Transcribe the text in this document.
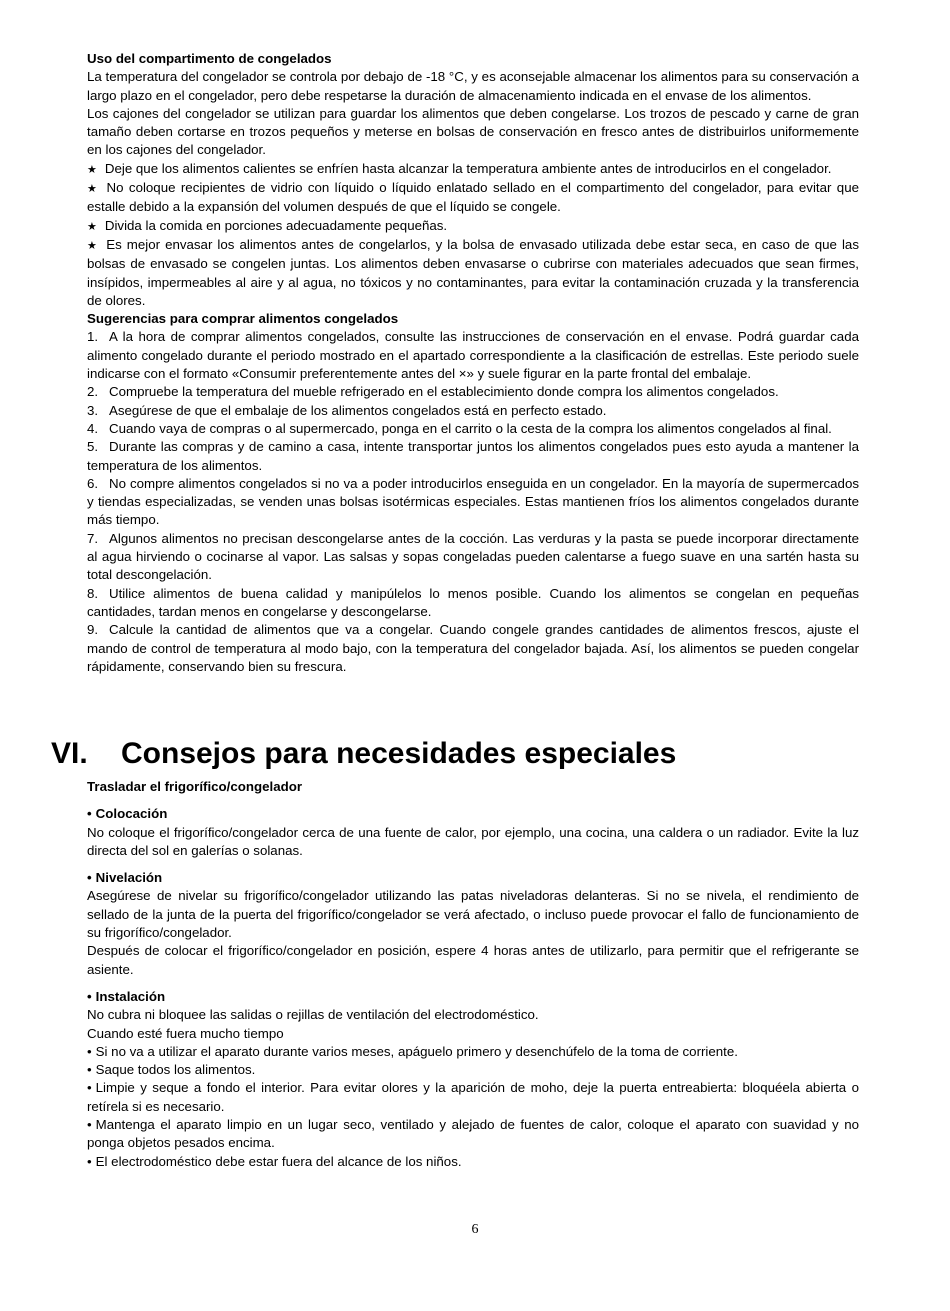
Uso del compartimento de congelados

La temperatura del congelador se controla por debajo de -18 °C, y es aconsejable almacenar los alimentos para su conservación a largo plazo en el congelador, pero debe respetarse la duración de almacenamiento indicada en el envase de los alimentos.

Los cajones del congelador se utilizan para guardar los alimentos que deben congelarse. Los trozos de pescado y carne de gran tamaño deben cortarse en trozos pequeños y meterse en bolsas de conservación en fresco antes de distribuirlos uniformemente en los cajones del congelador.

★ Deje que los alimentos calientes se enfríen hasta alcanzar la temperatura ambiente antes de introducirlos en el congelador.

★ No coloque recipientes de vidrio con líquido o líquido enlatado sellado en el compartimento del congelador, para evitar que estalle debido a la expansión del volumen después de que el líquido se congele.

★ Divida la comida en porciones adecuadamente pequeñas.

★ Es mejor envasar los alimentos antes de congelarlos, y la bolsa de envasado utilizada debe estar seca, en caso de que las bolsas de envasado se congelen juntas. Los alimentos deben envasarse o cubrirse con materiales adecuados que sean firmes, insípidos, impermeables al aire y al agua, no tóxicos y no contaminantes, para evitar la contaminación cruzada y la transferencia de olores.

Sugerencias para comprar alimentos congelados

1. A la hora de comprar alimentos congelados, consulte las instrucciones de conservación en el envase. Podrá guardar cada alimento congelado durante el periodo mostrado en el apartado correspondiente a la clasificación de estrellas. Este periodo suele indicarse con el formato «Consumir preferentemente antes del ×» y suele figurar en la parte frontal del embalaje.

2. Compruebe la temperatura del mueble refrigerado en el establecimiento donde compra los alimentos congelados.

3. Asegúrese de que el embalaje de los alimentos congelados está en perfecto estado.

4. Cuando vaya de compras o al supermercado, ponga en el carrito o la cesta de la compra los alimentos congelados al final.

5. Durante las compras y de camino a casa, intente transportar juntos los alimentos congelados pues esto ayuda a mantener la temperatura de los alimentos.

6. No compre alimentos congelados si no va a poder introducirlos enseguida en un congelador. En la mayoría de supermercados y tiendas especializadas, se venden unas bolsas isotérmicas especiales. Estas mantienen fríos los alimentos congelados durante más tiempo.

7. Algunos alimentos no precisan descongelarse antes de la cocción. Las verduras y la pasta se puede incorporar directamente al agua hirviendo o cocinarse al vapor. Las salsas y sopas congeladas pueden calentarse a fuego suave en una sartén hasta su total descongelación.

8. Utilice alimentos de buena calidad y manipúlelos lo menos posible. Cuando los alimentos se congelan en pequeñas cantidades, tardan menos en congelarse y descongelarse.

9. Calcule la cantidad de alimentos que va a congelar. Cuando congele grandes cantidades de alimentos frescos, ajuste el mando de control de temperatura al modo bajo, con la temperatura del congelador bajada. Así, los alimentos se pueden congelar rápidamente, conservando bien su frescura.

VI. Consejos para necesidades especiales

Trasladar el frigorífico/congelador

• Colocación

No coloque el frigorífico/congelador cerca de una fuente de calor, por ejemplo, una cocina, una caldera o un radiador. Evite la luz directa del sol en galerías o solanas.

• Nivelación

Asegúrese de nivelar su frigorífico/congelador utilizando las patas niveladoras delanteras. Si no se nivela, el rendimiento de sellado de la junta de la puerta del frigorífico/congelador se verá afectado, o incluso puede provocar el fallo de funcionamiento de su frigorífico/congelador.

Después de colocar el frigorífico/congelador en posición, espere 4 horas antes de utilizarlo, para permitir que el refrigerante se asiente.

• Instalación

No cubra ni bloquee las salidas o rejillas de ventilación del electrodoméstico.

Cuando esté fuera mucho tiempo

• Si no va a utilizar el aparato durante varios meses, apáguelo primero y desenchúfelo de la toma de corriente.

• Saque todos los alimentos.

• Limpie y seque a fondo el interior. Para evitar olores y la aparición de moho, deje la puerta entreabierta: bloquéela abierta o retírela si es necesario.

• Mantenga el aparato limpio en un lugar seco, ventilado y alejado de fuentes de calor, coloque el aparato con suavidad y no ponga objetos pesados encima.

• El electrodoméstico debe estar fuera del alcance de los niños.

6
